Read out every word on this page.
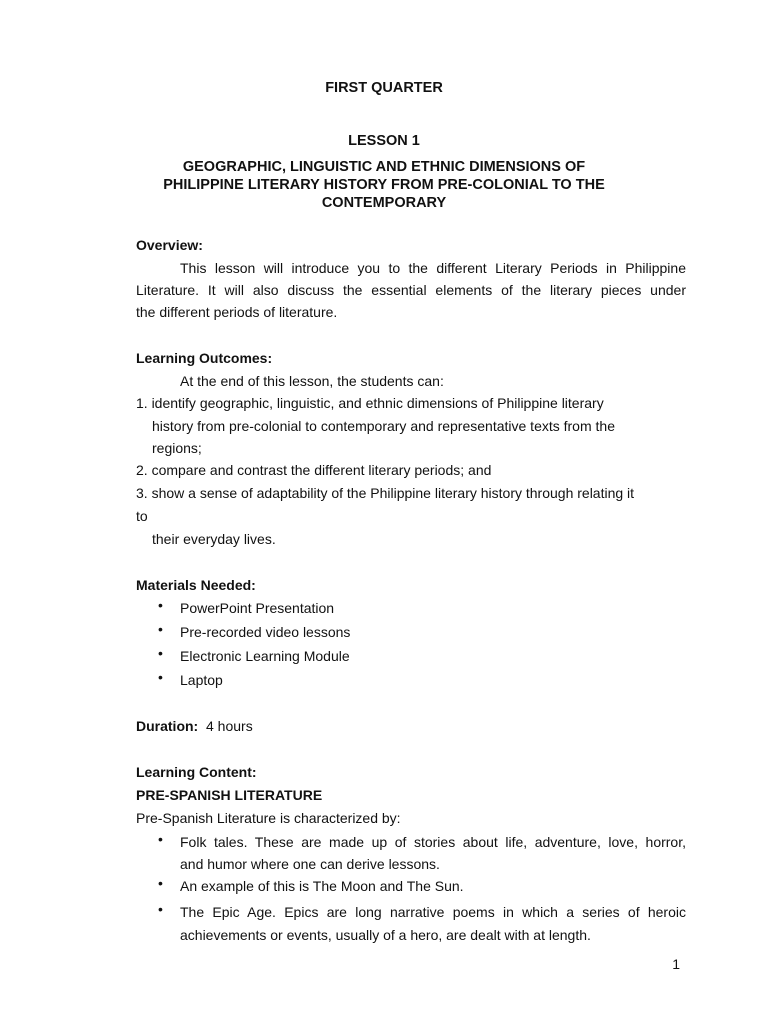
FIRST QUARTER
LESSON 1
GEOGRAPHIC, LINGUISTIC AND ETHNIC DIMENSIONS OF
PHILIPPINE LITERARY HISTORY FROM PRE-COLONIAL TO THE
CONTEMPORARY
Overview:
This lesson will introduce you to the different Literary Periods in Philippine
Literature. It will also discuss the essential elements of the literary pieces under
the different periods of literature.
Learning Outcomes:
At the end of this lesson, the students can:
1. identify geographic, linguistic, and ethnic dimensions of Philippine literary
history from pre-colonial to contemporary and representative texts from the
regions;
2. compare and contrast the different literary periods; and
3. show a sense of adaptability of the Philippine literary history through relating it
to
their everyday lives.
Materials Needed:
•
PowerPoint Presentation
•
Pre-recorded video lessons
•
Electronic Learning Module
•
Laptop
Duration: 4 hours
Learning Content:
PRE-SPANISH LITERATURE
Pre-Spanish Literature is characterized by:
•
Folk tales. These are made up of stories about life, adventure, love, horror,
and humor where one can derive lessons.
•
An example of this is The Moon and The Sun.
•
The Epic Age. Epics are long narrative poems in which a series of heroic
achievements or events, usually of a hero, are dealt with at length.
1
